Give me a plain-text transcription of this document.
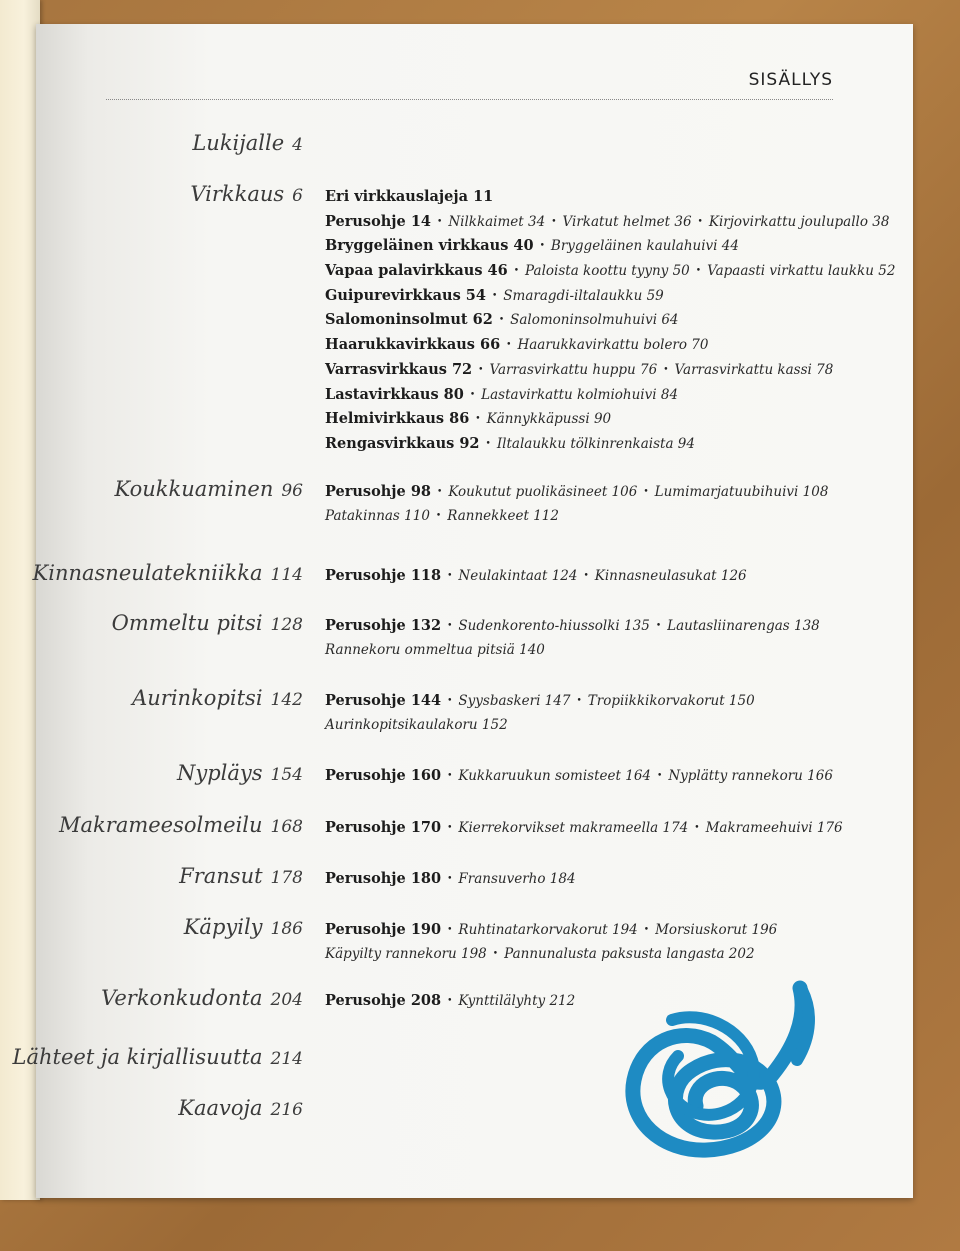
SISÄLLYS
Lukijalle 4
Virkkaus 6 Eri virkkauslajeja 11
Perusohje 14 • Nilkkaimet 34 • Virkatut helmet 36 • Kirjovirkattu joulupallo 38
Bryggeläinen virkkaus 40 • Bryggeläinen kaulahuivi 44
Vapaa palavirkkaus 46 • Paloista koottu tyyny 50 • Vapaasti virkattu laukku 52
Guipurevirkkaus 54 • Smaragdi-iltalaukku 59
Salomoninsolmut 62 • Salomoninsolmuhuivi 64
Haarukkavirkkaus 66 • Haarukkavirkattu bolero 70
Varrasvirkkaus 72 • Varrasvirkattu huppu 76 • Varrasvirkattu kassi 78
Lastavirkkaus 80 • Lastavirkattu kolmiohuivi 84
Helmivirkkaus 86 • Kännykkäpussi 90
Rengasvirkkaus 92 • Iltalaukku tölkinrenkaista 94
Koukkuaminen 96 Perusohje 98 • Koukutut puolikäsineet 106 • Lumimarjatuubihuivi 108
Patakinnas 110 • Rannekkeet 112
Kinnasneulatekniikka 114 Perusohje 118 • Neulakintaat 124 • Kinnasneulasukat 126
Ommeltu pitsi 128 Perusohje 132 • Sudenkorento-hiussolki 135 • Lautasliinarengas 138
Rannekoru ommeltua pitsiä 140
Aurinkopitsi 142 Perusohje 144 • Syysbaskeri 147 • Tropiikkikorvakorut 150
Aurinkopitsikaulakoru 152
Nypläys 154 Perusohje 160 • Kukkaruukun somisteet 164 • Nyplätty rannekoru 166
Makrameesolmeilu 168 Perusohje 170 • Kierrekorvikset makrameella 174 • Makrameehuivi 176
Fransut 178 Perusohje 180 • Fransuverho 184
Käpyily 186 Perusohje 190 • Ruhtinatarkorvakorut 194 • Morsiuskorut 196
Käpyilty rannekoru 198 • Pannunalusta paksusta langasta 202
Verkonkudonta 204 Perusohje 208 • Kynttilälyhty 212
Lähteet ja kirjallisuutta 214
Kaavoja 216
